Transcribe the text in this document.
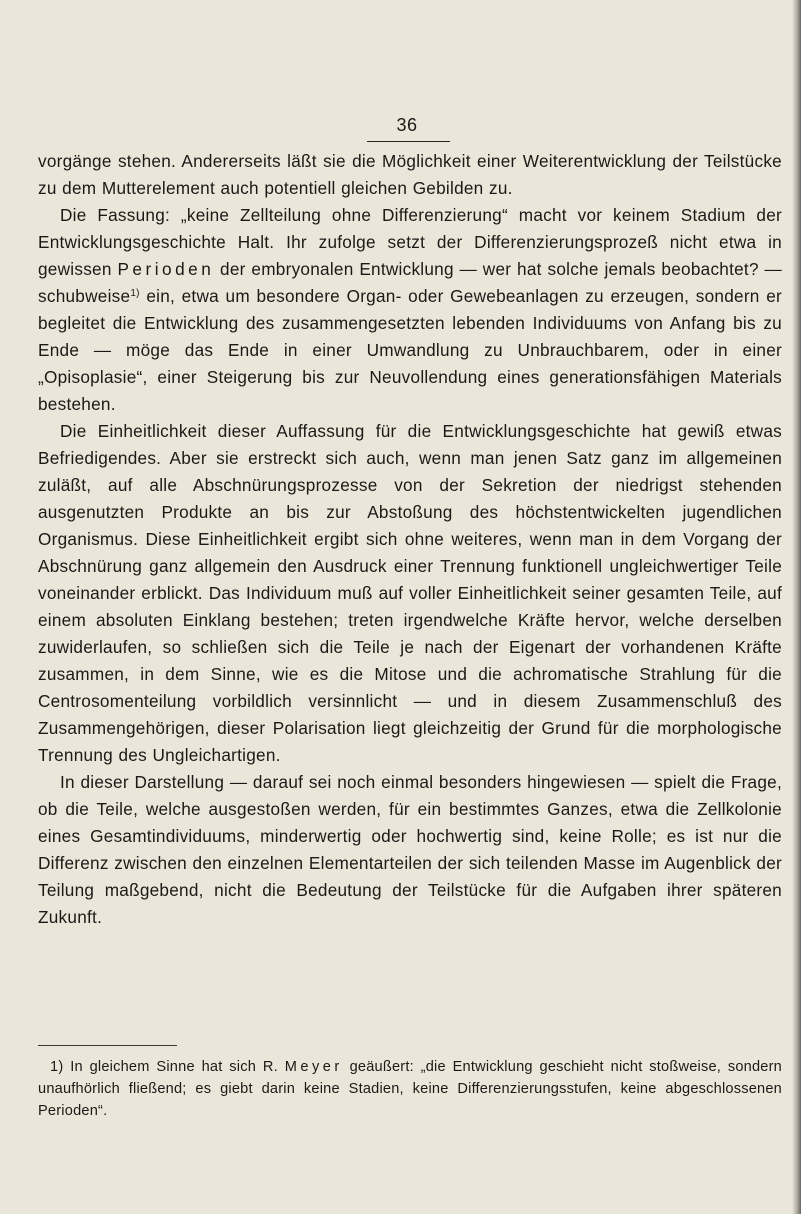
36

vorgänge stehen. Andererseits läßt sie die Möglichkeit einer Weiterentwicklung der Teilstücke zu dem Mutterelement auch potentiell gleichen Gebilden zu.

Die Fassung: „keine Zellteilung ohne Differenzierung“ macht vor keinem Stadium der Entwicklungsgeschichte Halt. Ihr zufolge setzt der Differenzierungsprozeß nicht etwa in gewissen Perioden der embryonalen Entwicklung — wer hat solche jemals beobachtet? — schubweise$^{1)}$ ein, etwa um besondere Organ- oder Gewebeanlagen zu erzeugen, sondern er begleitet die Entwicklung des zusammengesetzten lebenden Individuums von Anfang bis zu Ende — möge das Ende in einer Umwandlung zu Unbrauchbarem, oder in einer „Opisoplasie“, einer Steigerung bis zur Neuvollendung eines generationsfähigen Materials bestehen.

Die Einheitlichkeit dieser Auffassung für die Entwicklungsgeschichte hat gewiß etwas Befriedigendes. Aber sie erstreckt sich auch, wenn man jenen Satz ganz im allgemeinen zuläßt, auf alle Abschnürungsprozesse von der Sekretion der niedrigst stehenden ausgenutzten Produkte an bis zur Abstoßung des höchstentwickelten jugendlichen Organismus. Diese Einheitlichkeit ergibt sich ohne weiteres, wenn man in dem Vorgang der Abschnürung ganz allgemein den Ausdruck einer Trennung funktionell ungleichwertiger Teile voneinander erblickt. Das Individuum muß auf voller Einheitlichkeit seiner gesamten Teile, auf einem absoluten Einklang bestehen; treten irgendwelche Kräfte hervor, welche derselben zuwiderlaufen, so schließen sich die Teile je nach der Eigenart der vorhandenen Kräfte zusammen, in dem Sinne, wie es die Mitose und die achromatische Strahlung für die Centrosomenteilung vorbildlich versinnlicht — und in diesem Zusammenschluß des Zusammengehörigen, dieser Polarisation liegt gleichzeitig der Grund für die morphologische Trennung des Ungleichartigen.

In dieser Darstellung — darauf sei noch einmal besonders hingewiesen — spielt die Frage, ob die Teile, welche ausgestoßen werden, für ein bestimmtes Ganzes, etwa die Zellkolonie eines Gesamtindividuums, minderwertig oder hochwertig sind, keine Rolle; es ist nur die Differenz zwischen den einzelnen Elementarteilen der sich teilenden Masse im Augenblick der Teilung maßgebend, nicht die Bedeutung der Teilstücke für die Aufgaben ihrer späteren Zukunft.

1) In gleichem Sinne hat sich R. Meyer geäußert: „die Entwicklung geschieht nicht stoßweise, sondern unaufhörlich fließend; es giebt darin keine Stadien, keine Differenzierungsstufen, keine abgeschlossenen Perioden“.
